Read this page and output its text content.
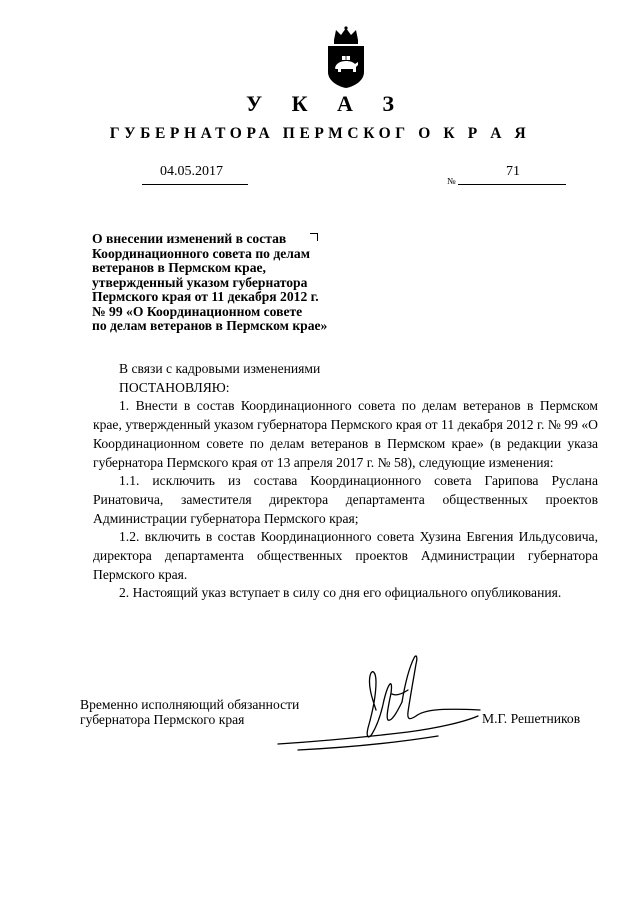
У К А З
ГУБЕРНАТОРА ПЕРМСКОГ О К Р А Я
04.05.2017
№
71
О внесении изменений в состав
Координационного совета по делам
ветеранов в Пермском крае,
утвержденный указом губернатора
Пермского края от 11 декабря 2012 г.
№ 99 «О Координационном совете
по делам ветеранов в Пермском крае»

В связи с кадровыми изменениями

ПОСТАНОВЛЯЮ:

1. Внести в состав Координационного совета по делам ветеранов в Пермском крае, утвержденный указом губернатора Пермского края от 11 декабря 2012 г. № 99 «О Координационном совете по делам ветеранов в Пермском крае» (в редакции указа губернатора Пермского края от 13 апреля 2017 г. № 58), следующие изменения:

1.1. исключить из состава Координационного совета Гарипова Руслана Ринатовича, заместителя директора департамента общественных проектов Администрации губернатора Пермского края;

1.2. включить в состав Координационного совета Хузина Евгения Ильдусовича, директора департамента общественных проектов Администрации губернатора Пермского края.

2. Настоящий указ вступает в силу со дня его официального опубликования.

Временно исполняющий обязанности
губернатора Пермского края	М.Г. Решетников
